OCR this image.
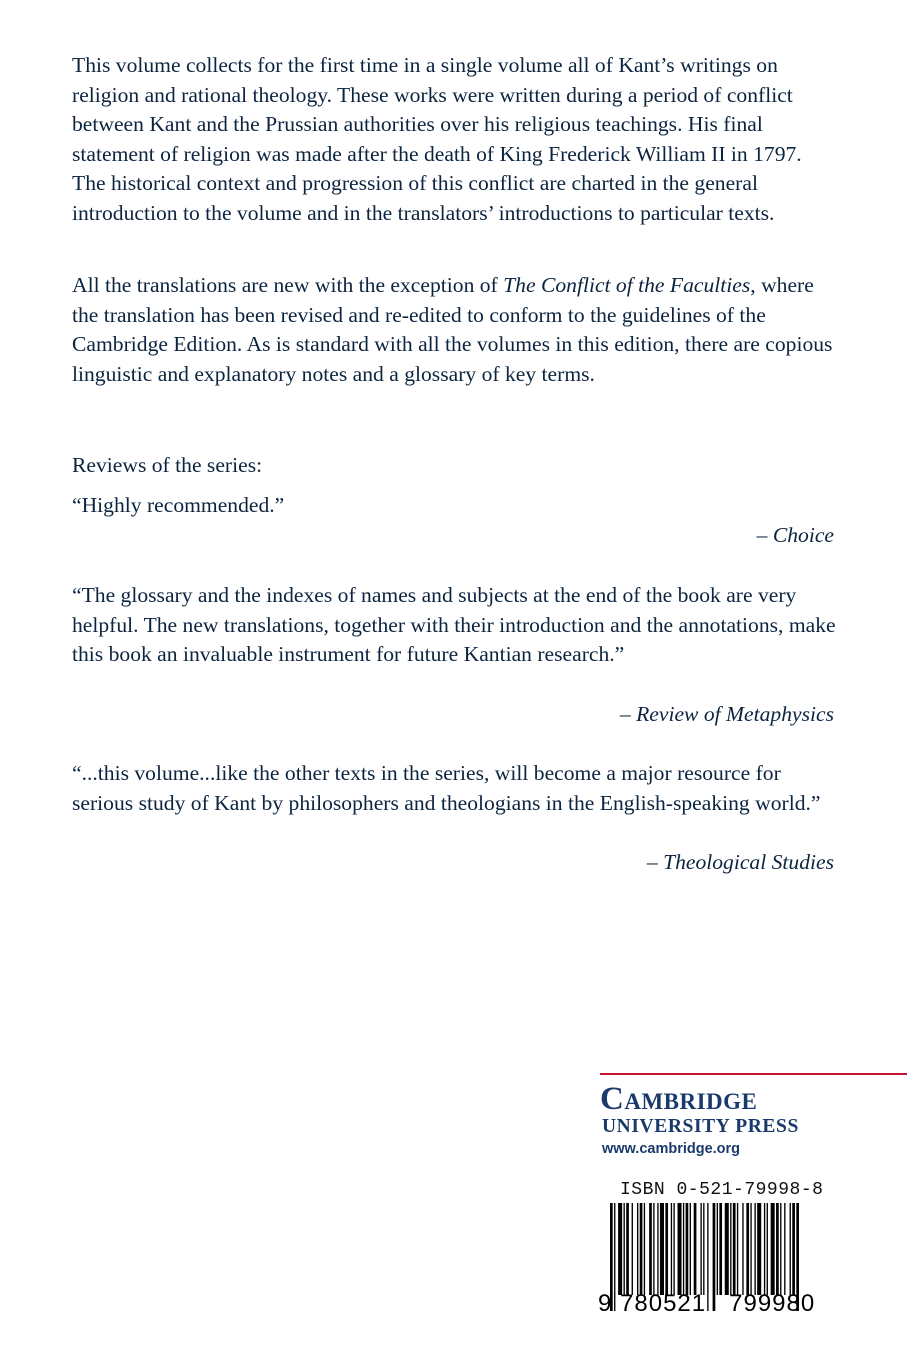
This volume collects for the first time in a single volume all of Kant’s writings on religion and rational theology. These works were written during a period of conflict between Kant and the Prussian authorities over his religious teachings. His final statement of religion was made after the death of King Frederick William II in 1797. The historical context and progression of this conflict are charted in the general introduction to the volume and in the translators’ introductions to particular texts.

All the translations are new with the exception of The Conflict of the Faculties, where the translation has been revised and re-edited to conform to the guidelines of the Cambridge Edition. As is standard with all the volumes in this edition, there are copious linguistic and explanatory notes and a glossary of key terms.

Reviews of the series:
“Highly recommended.”
– Choice
“The glossary and the indexes of names and subjects at the end of the book are very helpful. The new translations, together with their introduction and the annotations, make this book an invaluable instrument for future Kantian research.”
– Review of Metaphysics
“...this volume...like the other texts in the series, will become a major resource for serious study of Kant by philosophers and theologians in the English-speaking world.”
– Theological Studies
Cambridge
UNIVERSITY PRESS
www.cambridge.org
ISBN 0-521-79998-8
9 780521 799980
